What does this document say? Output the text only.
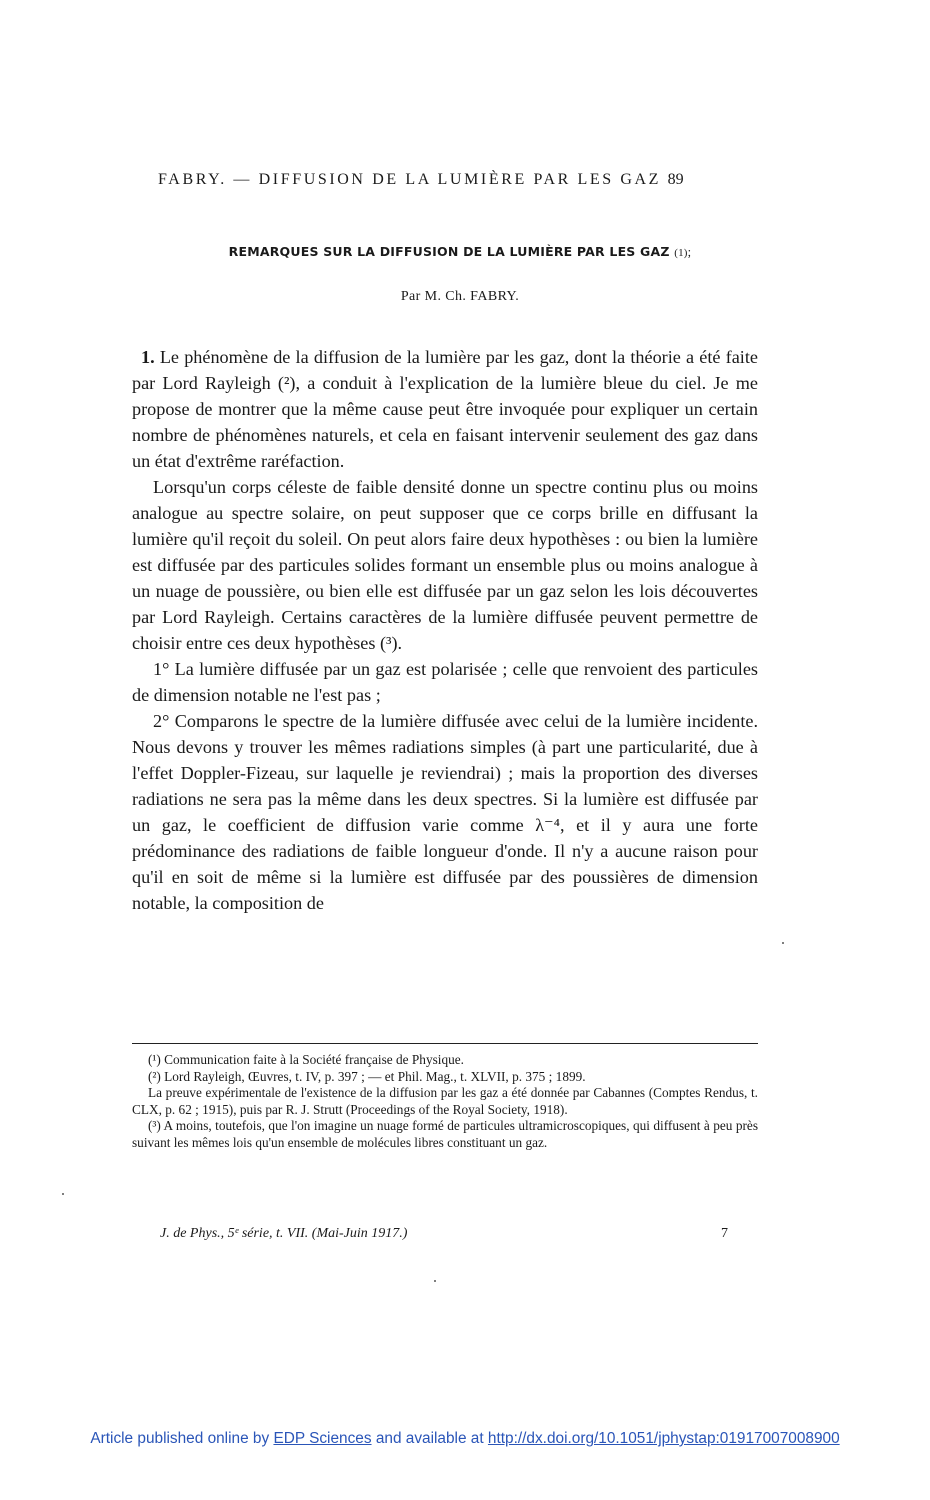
FABRY. — DIFFUSION DE LA LUMIÈRE PAR LES GAZ 89
REMARQUES SUR LA DIFFUSION DE LA LUMIÈRE PAR LES GAZ (1);
Par M. Ch. FABRY.

1. Le phénomène de la diffusion de la lumière par les gaz, dont la théorie a été faite par Lord Rayleigh (²), a conduit à l'explication de la lumière bleue du ciel. Je me propose de montrer que la même cause peut être invoquée pour expliquer un certain nombre de phénomènes naturels, et cela en faisant intervenir seulement des gaz dans un état d'extrême raréfaction.

Lorsqu'un corps céleste de faible densité donne un spectre continu plus ou moins analogue au spectre solaire, on peut supposer que ce corps brille en diffusant la lumière qu'il reçoit du soleil. On peut alors faire deux hypothèses : ou bien la lumière est diffusée par des particules solides formant un ensemble plus ou moins analogue à un nuage de poussière, ou bien elle est diffusée par un gaz selon les lois découvertes par Lord Rayleigh. Certains caractères de la lumière diffusée peuvent permettre de choisir entre ces deux hypothèses (³).

1° La lumière diffusée par un gaz est polarisée ; celle que renvoient des particules de dimension notable ne l'est pas ;

2° Comparons le spectre de la lumière diffusée avec celui de la lumière incidente. Nous devons y trouver les mêmes radiations simples (à part une particularité, due à l'effet Doppler-Fizeau, sur laquelle je reviendrai) ; mais la proportion des diverses radiations ne sera pas la même dans les deux spectres. Si la lumière est diffusée par un gaz, le coefficient de diffusion varie comme λ⁻⁴, et il y aura une forte prédominance des radiations de faible longueur d'onde. Il n'y a aucune raison pour qu'il en soit de même si la lumière est diffusée par des poussières de dimension notable, la composition de

(¹) Communication faite à la Société française de Physique.

(²) Lord Rayleigh, Œuvres, t. IV, p. 397 ; — et Phil. Mag., t. XLVII, p. 375 ; 1899.

La preuve expérimentale de l'existence de la diffusion par les gaz a été donnée par Cabannes (Comptes Rendus, t. CLX, p. 62 ; 1915), puis par R. J. Strutt (Proceedings of the Royal Society, 1918).

(³) A moins, toutefois, que l'on imagine un nuage formé de particules ultramicroscopiques, qui diffusent à peu près suivant les mêmes lois qu'un ensemble de molécules libres constituant un gaz.

J. de Phys., 5ᵉ série, t. VII. (Mai-Juin 1917.)	7
Article published online by EDP Sciences and available at http://dx.doi.org/10.1051/jphystap:01917007008900
